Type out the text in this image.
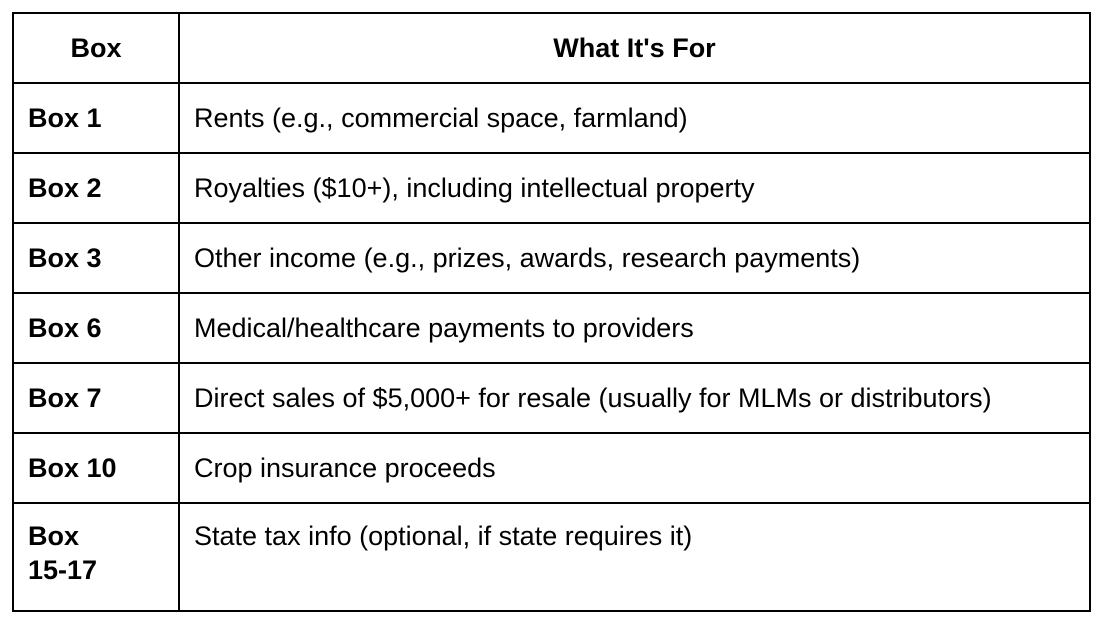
Box	What It's For
Box 1	Rents (e.g., commercial space, farmland)
Box 2	Royalties ($10+), including intellectual property
Box 3	Other income (e.g., prizes, awards, research payments)
Box 6	Medical/healthcare payments to providers
Box 7	Direct sales of $5,000+ for resale (usually for MLMs or distributors)
Box 10	Crop insurance proceeds
Box
15-17	State tax info (optional, if state requires it)
